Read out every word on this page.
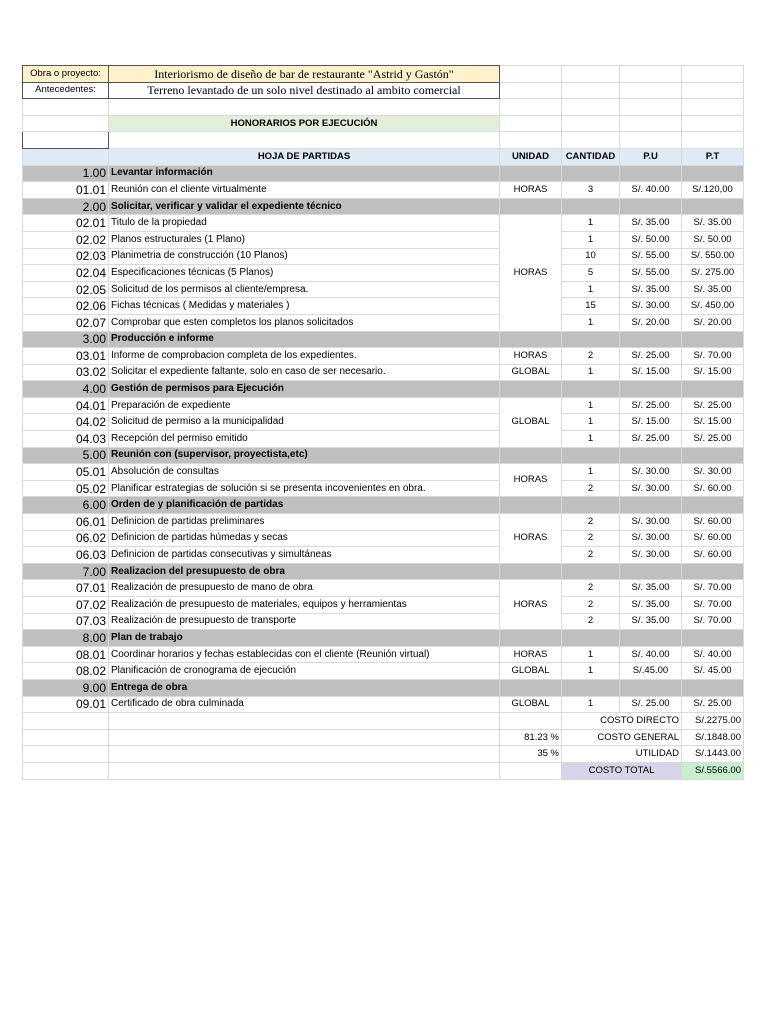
Obra o proyecto:	Interiorismo de diseño de bar de restaurante "Astrid y Gastón"				
Antecedentes:	Terreno levantado de un solo nivel destinado al ambito comercial				

	HONORARIOS POR EJECUCIÓN				

	HOJA DE PARTIDAS	UNIDAD	CANTIDAD	P.U	P.T
1.00	Levantar información				
01.01	Reunión con el cliente virtualmente	HORAS	3	S/. 40.00	S/.120,00
2.00	Solicitar, verificar y validar el expediente técnico				
02.01	Titulo de la propiedad	HORAS	1	S/. 35.00	S/. 35.00
02.02	Planos estructurales (1 Plano)		1	S/. 50.00	S/. 50.00
02.03	Planimetria de construcción (10 Planos)		10	S/. 55.00	S/. 550.00
02.04	Especificaciones técnicas (5 Planos)		5	S/. 55.00	S/. 275.00
02.05	Solicitud de los permisos al cliente/empresa.		1	S/. 35.00	S/. 35.00
02.06	Fichas técnicas ( Medidas y materiales )		15	S/. 30.00	S/. 450.00
02.07	Comprobar que esten completos los planos solicitados		1	S/. 20.00	S/. 20.00
3.00	Producción e informe				
03.01	Informe de comprobacion completa de los expedientes.	HORAS	2	S/. 25.00	S/. 70.00
03.02	Solicitar el expediente faltante, solo en caso de ser necesario.	GLOBAL	1	S/. 15.00	S/. 15.00
4.00	Gestión de permisos para Ejecución				
04.01	Preparación de expediente	GLOBAL	1	S/. 25.00	S/. 25.00
04.02	Solicitud de permiso a la municipalidad		1	S/. 15.00	S/. 15.00
04.03	Recepción del permiso emitido		1	S/. 25.00	S/. 25.00
5.00	Reunión con (supervisor, proyectista,etc)				
05.01	Absolución de consultas	HORAS	1	S/. 30.00	S/. 30.00
05.02	Planificar estrategias de solución si se presenta incovenientes en obra.		2	S/. 30.00	S/. 60.00
6.00	Orden de y planificación de partidas				
06.01	Definicion de partidas preliminares	HORAS	2	S/. 30.00	S/. 60.00
06.02	Definicion de partidas húmedas y secas		2	S/. 30.00	S/. 60.00
06.03	Definicion de partidas consecutivas y simultáneas		2	S/. 30.00	S/. 60.00
7.00	Realizacion del presupuesto de obra				
07.01	Realización de presupuesto de mano de obra	HORAS	2	S/. 35.00	S/. 70.00
07.02	Realización de presupuesto de materiales, equipos y herramientas		2	S/. 35.00	S/. 70.00
07.03	Realización de presupuesto de transporte		2	S/. 35.00	S/. 70.00
8.00	Plan de trabajo				
08.01	Coordinar horarios y fechas establecidas con el cliente (Reunión virtual)	HORAS	1	S/. 40.00	S/. 40.00
08.02	Planificación de cronograma de ejecución	GLOBAL	1	S/.45.00	S/. 45.00
9.00	Entrega de obra				
09.01	Certificado de obra culminada	GLOBAL	1	S/. 25.00	S/. 25.00
			COSTO DIRECTO		S/.2275.00
		81.23 %	COSTO GENERAL		S/.1848.00
		35 %	UTILIDAD		S/.1443.00
			COSTO TOTAL		S/.5566.00
